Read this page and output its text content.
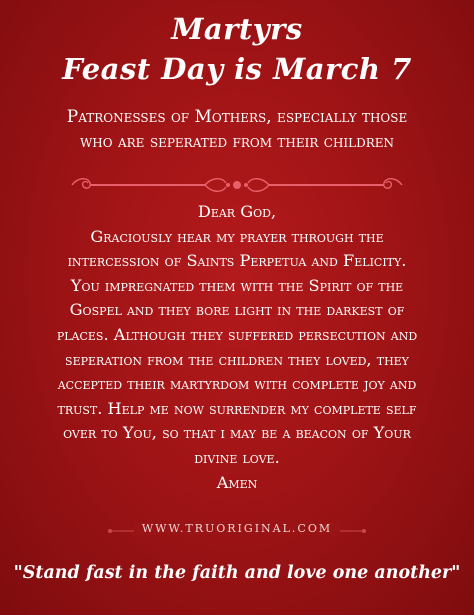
Martyrs
Feast Day is March 7
Patronesses of Mothers, especially those
who are seperated from their children

Dear God,

Graciously hear my prayer through the

intercession of Saints Perpetua and Felicity.

You impregnated them with the Spirit of the

Gospel and they bore light in the darkest of

places. Although they suffered persecution and

seperation from the children they loved, they

accepted their martyrdom with complete joy and

trust. Help me now surrender my complete self

over to You, so that i may be a beacon of Your

divine love.

Amen

WWW.TRUORIGINAL.COM
"Stand fast in the faith and love one another"
